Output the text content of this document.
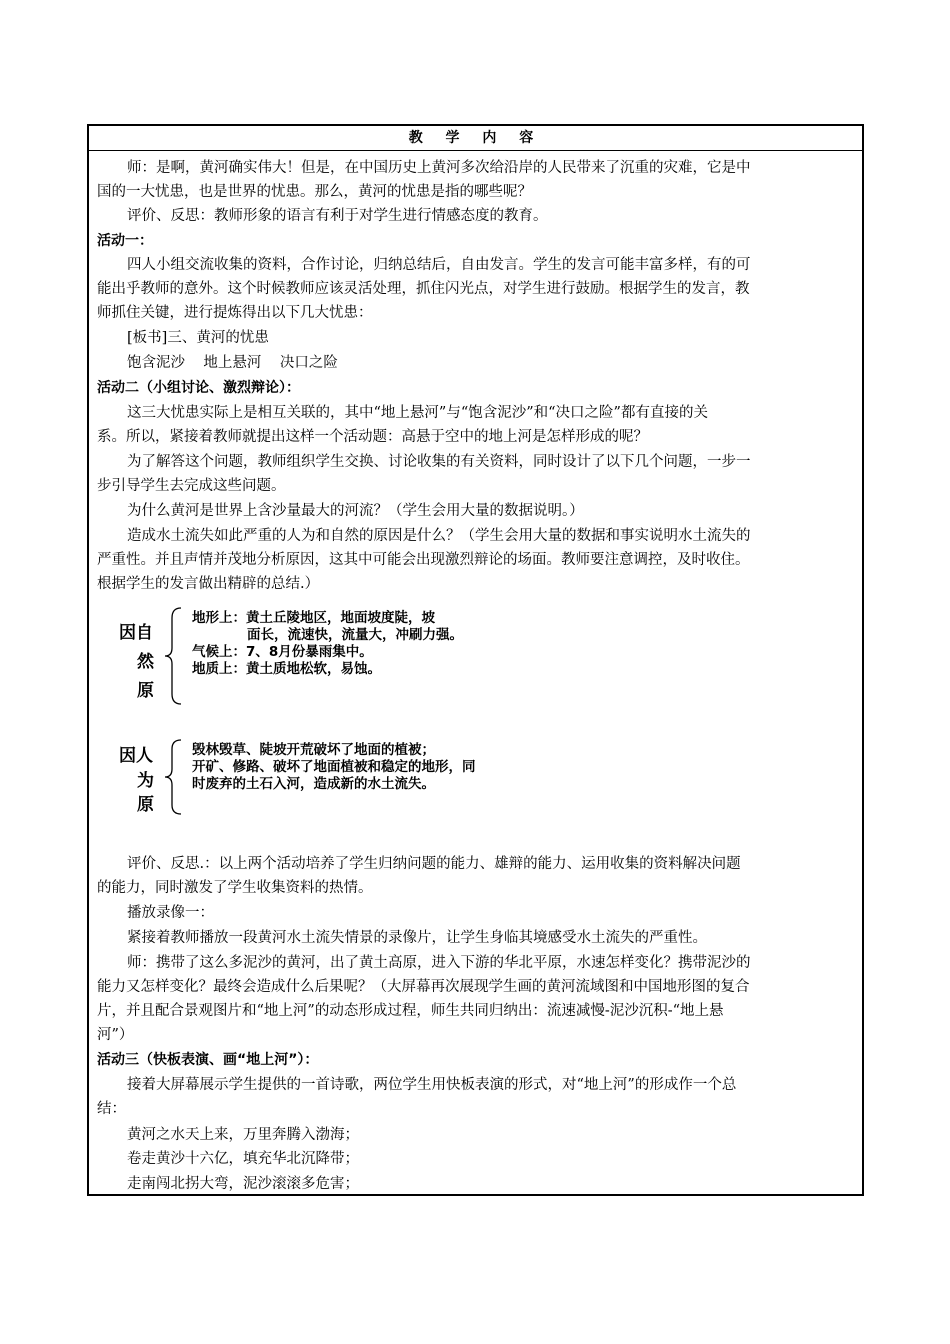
教 学 内 容
师：是啊，黄河确实伟大！但是，在中国历史上黄河多次给沿岸的人民带来了沉重的灾难，它是中
国的一大忧患，也是世界的忧患。那么，黄河的忧患是指的哪些呢？
评价、反思：教师形象的语言有利于对学生进行情感态度的教育。
活动一：
四人小组交流收集的资料，合作讨论，归纳总结后，自由发言。学生的发言可能丰富多样，有的可
能出乎教师的意外。这个时候教师应该灵活处理，抓住闪光点，对学生进行鼓励。根据学生的发言，教
师抓住关键，进行提炼得出以下几大忧患：
[板书]三、黄河的忧患
饱含泥沙    地上悬河    决口之险
活动二（小组讨论、激烈辩论）：
这三大忧患实际上是相互关联的，其中“地上悬河”与“饱含泥沙”和“决口之险”都有直接的关
系。所以，紧接着教师就提出这样一个活动题：高悬于空中的地上河是怎样形成的呢？
为了解答这个问题，教师组织学生交换、讨论收集的有关资料，同时设计了以下几个问题，一步一
步引导学生去完成这些问题。
为什么黄河是世界上含沙量最大的河流？（学生会用大量的数据说明。）
造成水土流失如此严重的人为和自然的原因是什么？（学生会用大量的数据和事实说明水土流失的
严重性。并且声情并茂地分析原因，这其中可能会出现激烈辩论的场面。教师要注意调控，及时收住。
根据学生的发言做出精辟的总结.）
因自
然
原
地形上：黄土丘陵地区，地面坡度陡，坡
面长，流速快，流量大，冲刷力强。
气候上：7、8月份暴雨集中。
地质上：黄土质地松软，易蚀。
因人
为
原
毁林毁草、陡坡开荒破坏了地面的植被；
开矿、修路、破坏了地面植被和稳定的地形，同
时废弃的土石入河，造成新的水土流失。
评价、反思.：以上两个活动培养了学生归纳问题的能力、雄辩的能力、运用收集的资料解决问题
的能力，同时激发了学生收集资料的热情。
播放录像一：
紧接着教师播放一段黄河水土流失情景的录像片，让学生身临其境感受水土流失的严重性。
师：携带了这么多泥沙的黄河，出了黄土高原，进入下游的华北平原，水速怎样变化？携带泥沙的
能力又怎样变化？最终会造成什么后果呢？（大屏幕再次展现学生画的黄河流域图和中国地形图的复合
片，并且配合景观图片和“地上河”的动态形成过程，师生共同归纳出：流速减慢-泥沙沉积-“地上悬
河”）
活动三（快板表演、画“地上河”）：
接着大屏幕展示学生提供的一首诗歌，两位学生用快板表演的形式，对“地上河”的形成作一个总
结：
黄河之水天上来，万里奔腾入渤海；
卷走黄沙十六亿，填充华北沉降带；
走南闯北拐大弯，泥沙滚滚多危害；
